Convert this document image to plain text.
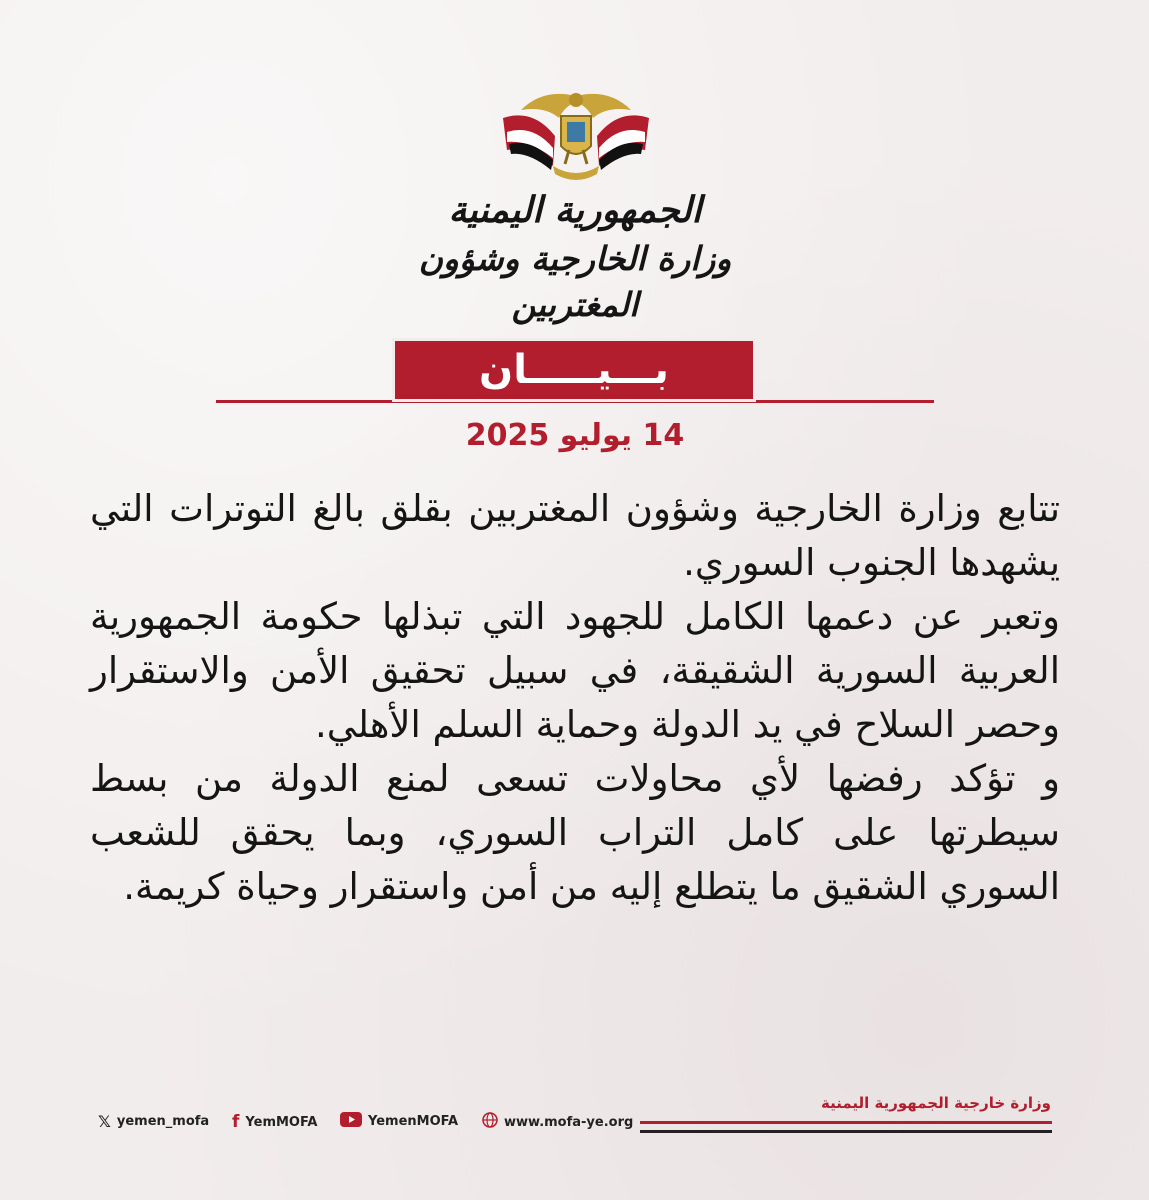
الجمهورية اليمنية
وزارة الخارجية وشؤون المغتربين
بـــيـــــان
14 يوليو 2025

تتابع وزارة الخارجية وشؤون المغتربين بقلق بالغ التوترات التي يشهدها الجنوب السوري.

وتعبر عن دعمها الكامل للجهود التي تبذلها حكومة الجمهورية العربية السورية الشقيقة، في سبيل تحقيق الأمن والاستقرار وحصر السلاح في يد الدولة وحماية السلم الأهلي.

و تؤكد رفضها لأي محاولات تسعى لمنع الدولة من بسط سيطرتها على كامل التراب السوري، وبما يحقق للشعب السوري الشقيق ما يتطلع إليه من أمن واستقرار وحياة كريمة.

وزارة خارجية الجمهورية اليمنية
𝕏 yemen_mofa f YemMOFA	YemenMOFA	www.mofa-ye.org
